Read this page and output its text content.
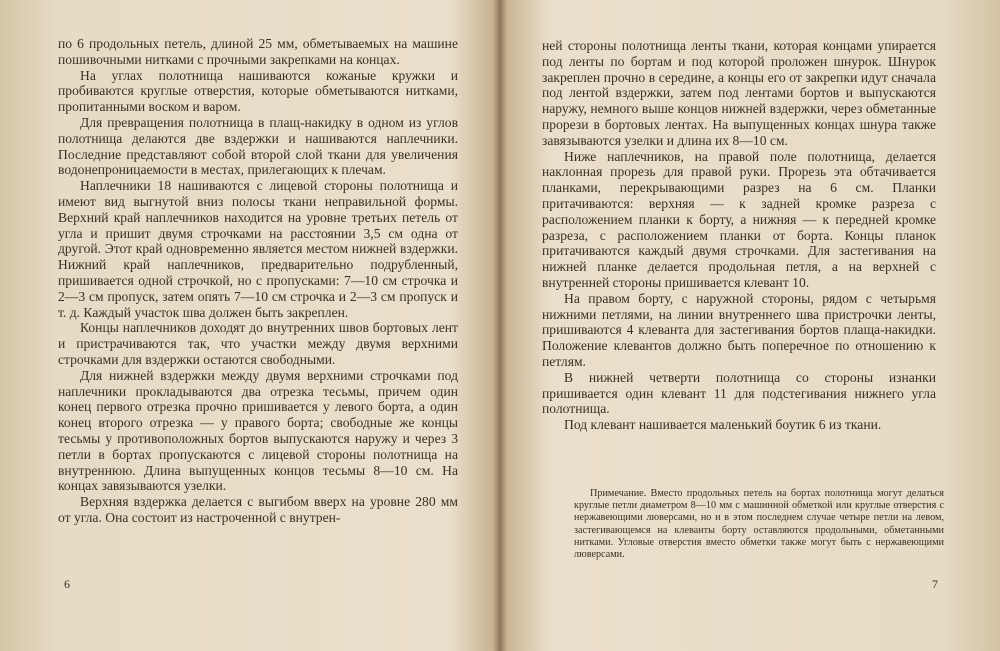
по 6 продольных петель, длиной 25 мм, обметываемых на машине пошивочными нитками с прочными закрепками на концах.

На углах полотнища нашиваются кожаные кружки и пробиваются круглые отверстия, которые обметываются нитками, пропитанными воском и варом.

Для превращения полотнища в плащ-накидку в одном из углов полотнища делаются две вздержки и нашиваются наплечники. Последние представляют собой второй слой ткани для увеличения водонепроницаемости в местах, прилегающих к плечам.

Наплечники 18 нашиваются с лицевой стороны полотнища и имеют вид выгнутой вниз полосы ткани неправильной формы. Верхний край наплечников находится на уровне третьих петель от угла и пришит двумя строчками на расстоянии 3,5 см одна от другой. Этот край одновременно является местом нижней вздержки. Нижний край наплечников, предварительно подрубленный, пришивается одной строчкой, но с пропусками: 7—10 см строчка и 2—3 см пропуск, затем опять 7—10 см строчка и 2—3 см пропуск и т. д. Каждый участок шва должен быть закреплен.

Концы наплечников доходят до внутренних швов бортовых лент и пристрачиваются так, что участки между двумя верхними строчками для вздержки остаются свободными.

Для нижней вздержки между двумя верхними строчками под наплечники прокладываются два отрезка тесьмы, причем один конец первого отрезка прочно пришивается у левого борта, а один конец второго отрезка — у правого борта; свободные же концы тесьмы у противоположных бортов выпускаются наружу и через 3 петли в бортах пропускаются с лицевой стороны полотнища на внутреннюю. Длина выпущенных концов тесьмы 8—10 см. На концах завязываются узелки.

Верхняя вздержка делается с выгибом вверх на уровне 280 мм от угла. Она состоит из настроченной с внутрен-

6

ней стороны полотнища ленты ткани, которая концами упирается под ленты по бортам и под которой проложен шнурок. Шнурок закреплен прочно в середине, а концы его от закрепки идут сначала под лентой вздержки, затем под лентами бортов и выпускаются наружу, немного выше концов нижней вздержки, через обметанные прорези в бортовых лентах. На выпущенных концах шнура также завязываются узелки и длина их 8—10 см.

Ниже наплечников, на правой поле полотнища, делается наклонная прорезь для правой руки. Прорезь эта обтачивается планками, перекрывающими разрез на 6 см. Планки притачиваются: верхняя — к задней кромке разреза с расположением планки к борту, а нижняя — к передней кромке разреза, с расположением планки от борта. Концы планок притачиваются каждый двумя строчками. Для застегивания на нижней планке делается продольная петля, а на верхней с внутренней стороны пришивается клевант 10.

На правом борту, с наружной стороны, рядом с четырьмя нижними петлями, на линии внутреннего шва пристрочки ленты, пришиваются 4 клеванта для застегивания бортов плаща-накидки. Положение клевантов должно быть поперечное по отношению к петлям.

В нижней четверти полотнища со стороны изнанки пришивается один клевант 11 для подстегивания нижнего угла полотнища.

Под клевант нашивается маленький боутик 6 из ткани.

Примечание. Вместо продольных петель на бортах полотнища могут делаться круглые петли диаметром 8—10 мм с машинной обметкой или круглые отверстия с нержавеющими люверсами, но и в этом последнем случае четыре петли на левом, застегивающемся на клеванты борту оставляются продольными, обметанными нитками. Угловые отверстия вместо обметки также могут быть с нержавеющими люверсами.

7
